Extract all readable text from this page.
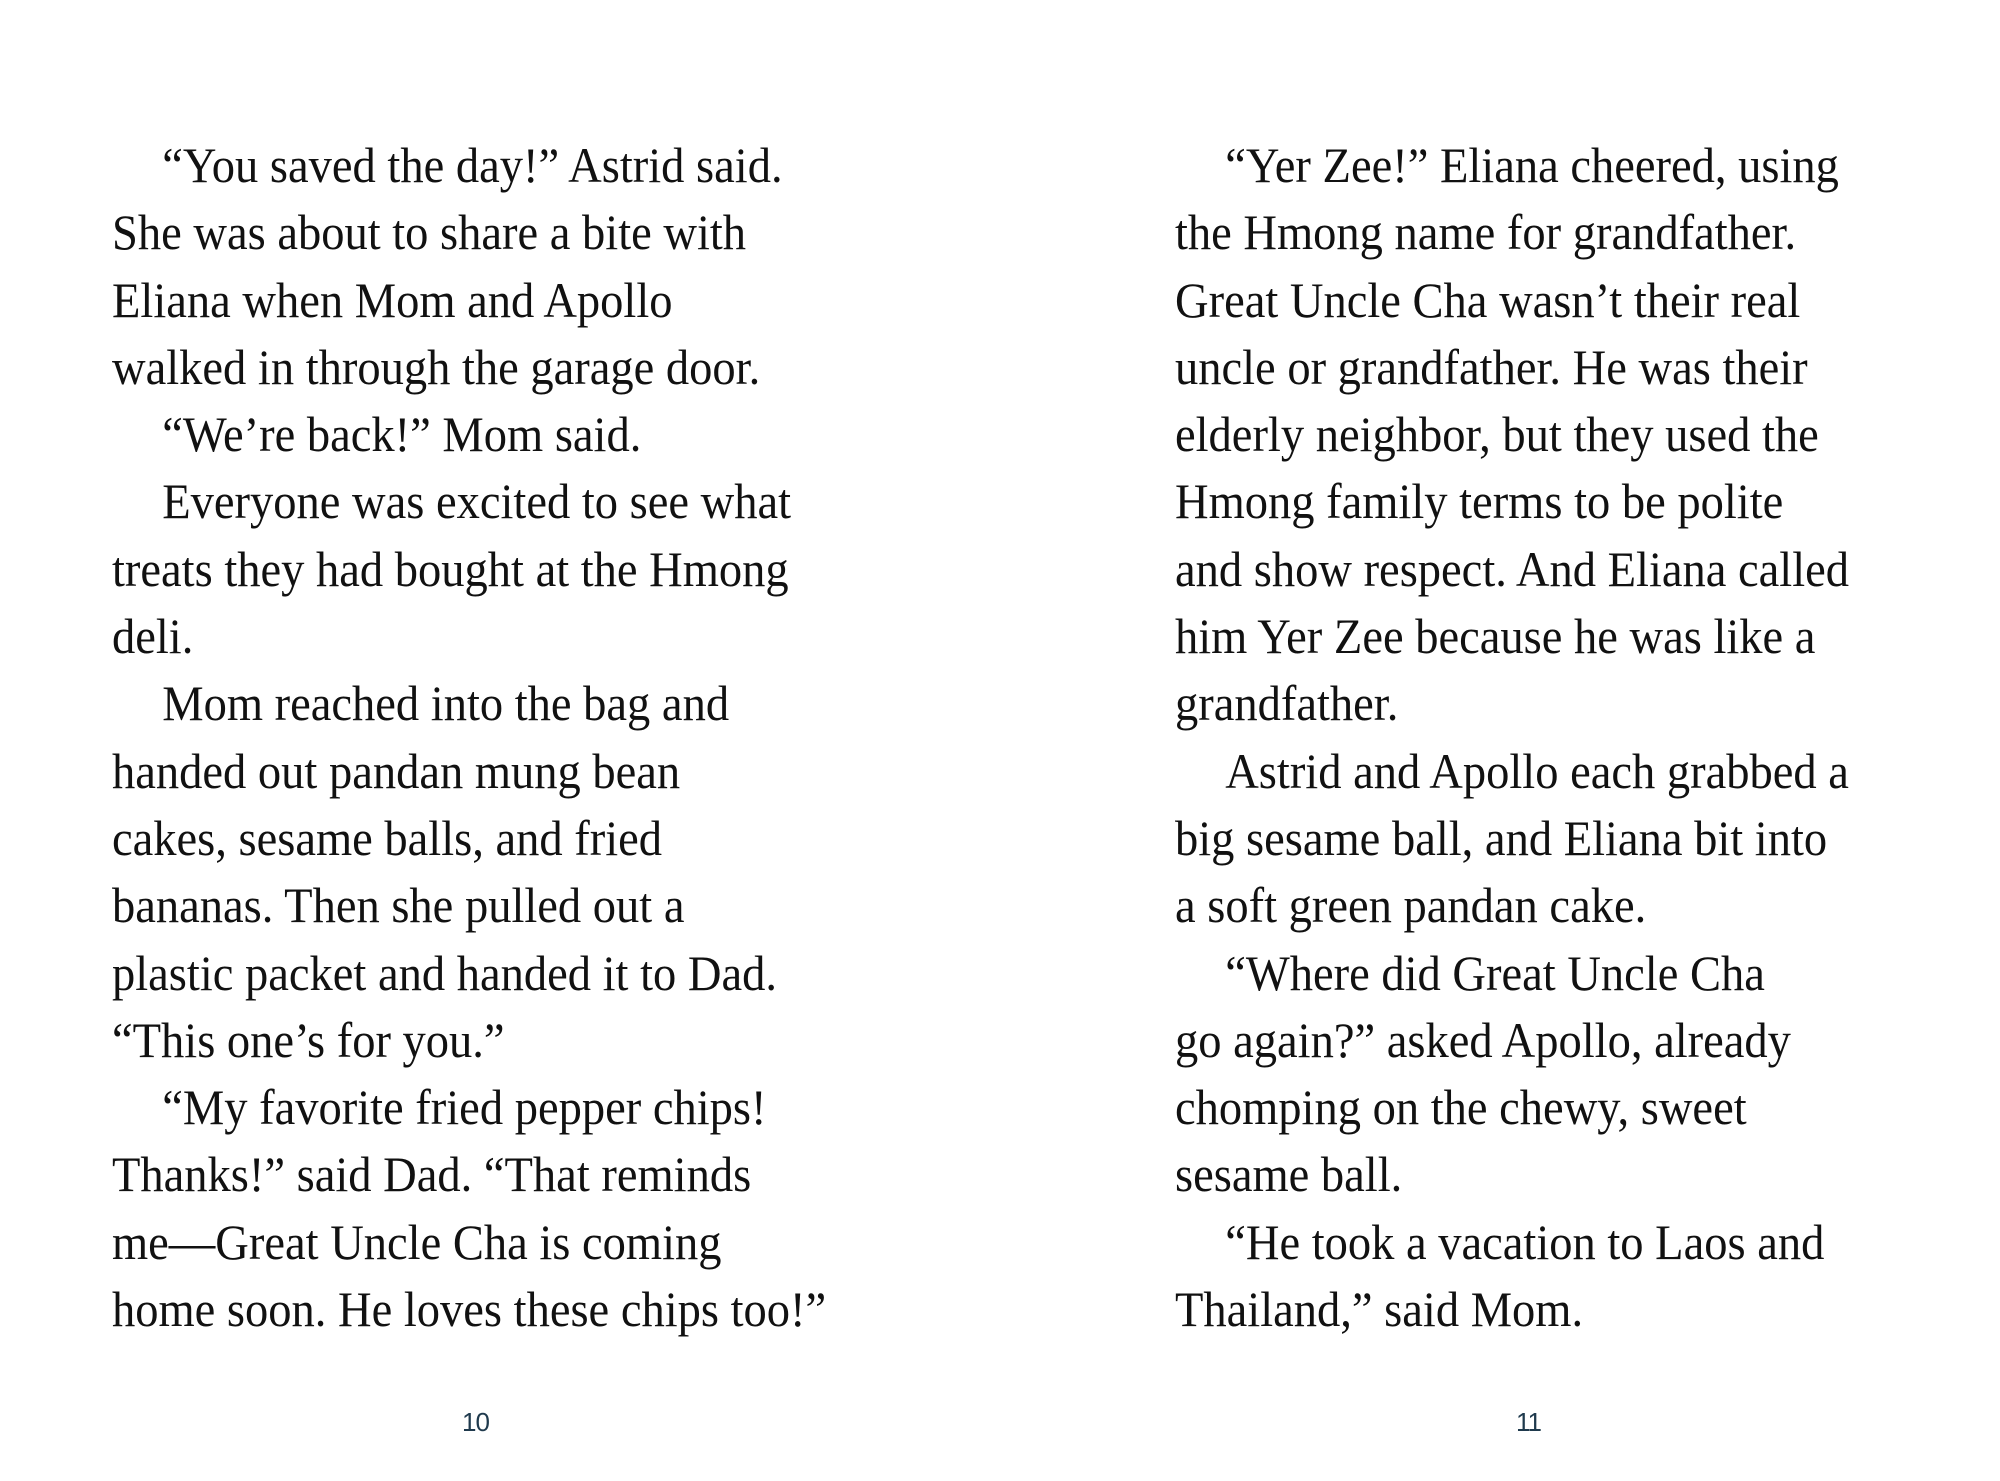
“You saved the day!” Astrid said.
She was about to share a bite with
Eliana when Mom and Apollo
walked in through the garage door.
“We’re back!” Mom said.
Everyone was excited to see what
treats they had bought at the Hmong
deli.
Mom reached into the bag and
handed out pandan mung bean
cakes, sesame balls, and fried
bananas. Then she pulled out a
plastic packet and handed it to Dad.
“This one’s for you.”
“My favorite fried pepper chips!
Thanks!” said Dad. “That reminds
me—Great Uncle Cha is coming
home soon. He loves these chips too!”
10
“Yer Zee!” Eliana cheered, using
the Hmong name for grandfather.
Great Uncle Cha wasn’t their real
uncle or grandfather. He was their
elderly neighbor, but they used the
Hmong family terms to be polite
and show respect. And Eliana called
him Yer Zee because he was like a
grandfather.
Astrid and Apollo each grabbed a
big sesame ball, and Eliana bit into
a soft green pandan cake.
“Where did Great Uncle Cha
go again?” asked Apollo, already
chomping on the chewy, sweet
sesame ball.
“He took a vacation to Laos and
Thailand,” said Mom.
11
